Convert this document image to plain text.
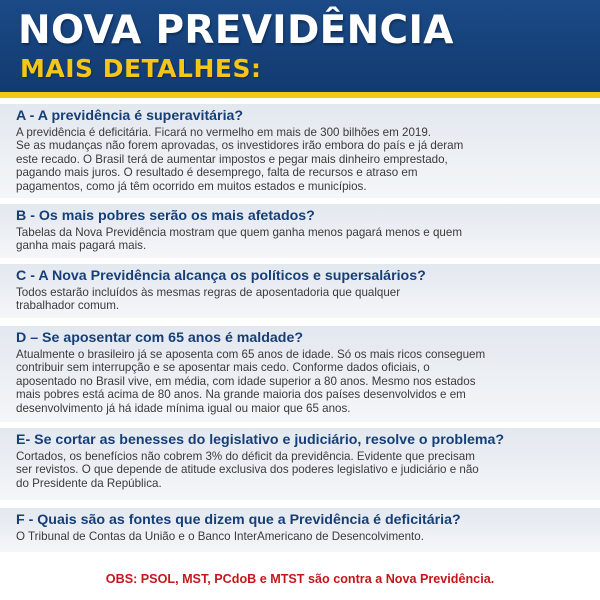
NOVA PREVIDÊNCIA
MAIS DETALHES:
A - A previdência é superavitária?
A previdência é deficitária. Ficará no vermelho em mais de 300 bilhões em 2019.
Se as mudanças não forem aprovadas, os investidores irão embora do país e já deram
este recado. O Brasil terá de aumentar impostos e pegar mais dinheiro emprestado,
pagando mais juros. O resultado é desemprego, falta de recursos e atraso em
pagamentos, como já têm ocorrido em muitos estados e municípios.
B - Os mais pobres serão os mais afetados?
Tabelas da Nova Previdência mostram que quem ganha menos pagará menos e quem
ganha mais pagará mais.
C - A Nova Previdência alcança os políticos e supersalários?
Todos estarão incluídos às mesmas regras de aposentadoria que qualquer
trabalhador comum.
D – Se aposentar com 65 anos é maldade?
Atualmente o brasileiro já se aposenta com 65 anos de idade. Só os mais ricos conseguem
contribuir sem interrupção e se aposentar mais cedo. Conforme dados oficiais, o
aposentado no Brasil vive, em média, com idade superior a 80 anos. Mesmo nos estados
mais pobres está acima de 80 anos. Na grande maioria dos países desenvolvidos e em
desenvolvimento já há idade mínima igual ou maior que 65 anos.
E- Se cortar as benesses do legislativo e judiciário, resolve o problema?
Cortados, os benefícios não cobrem 3% do déficit da previdência. Evidente que precisam
ser revistos. O que depende de atitude exclusiva dos poderes legislativo e judiciário e não
do Presidente da República.
F - Quais são as fontes que dizem que a Previdência é deficitária?
O Tribunal de Contas da União e o Banco InterAmericano de Desencolvimento.
OBS: PSOL, MST, PCdoB e MTST são contra a Nova Previdência.
